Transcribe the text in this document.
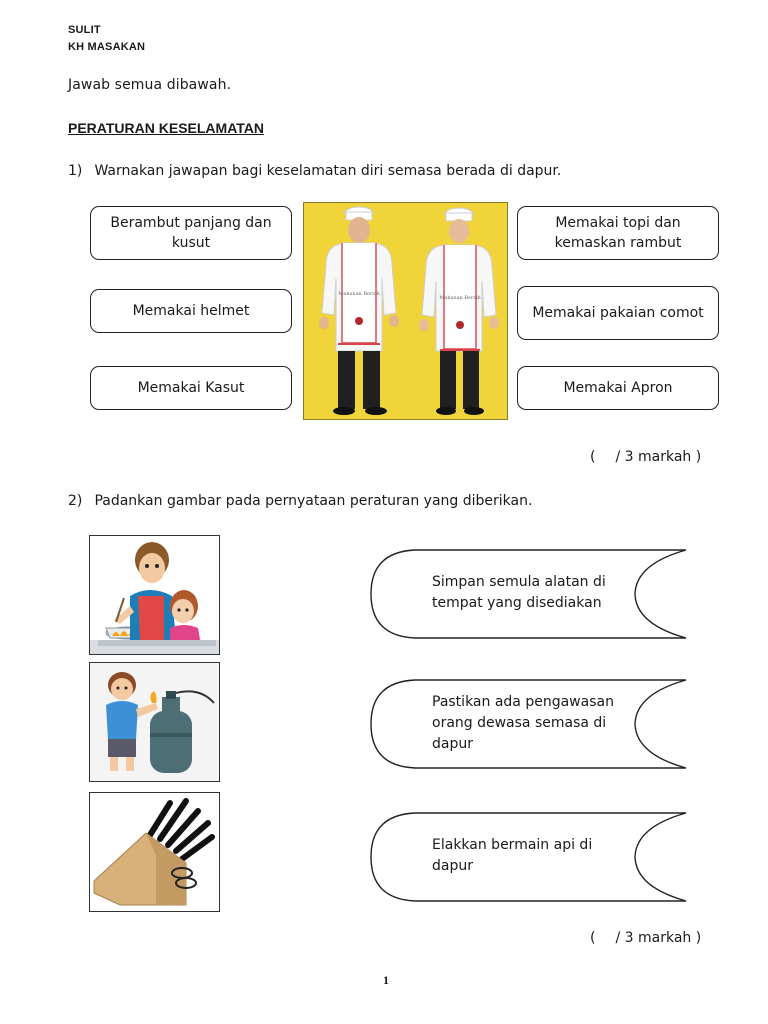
SULIT
KH MASAKAN
Jawab semua dibawah.
PERATURAN KESELAMATAN
1) Warnakan jawapan bagi keselamatan diri semasa berada di dapur.
Berambut panjang dan kusut
Memakai helmet
Memakai Kasut
Memakai topi dan kemaskan rambut
Memakai pakaian comot
Memakai Apron
Makanan Bersih
Makanan Bersih
( / 3 markah )
2) Padankan gambar pada pernyataan peraturan yang diberikan.
Simpan semula alatan di tempat yang disediakan
Pastikan ada pengawasan orang dewasa semasa di dapur
Elakkan bermain api di dapur
( / 3 markah )
1
